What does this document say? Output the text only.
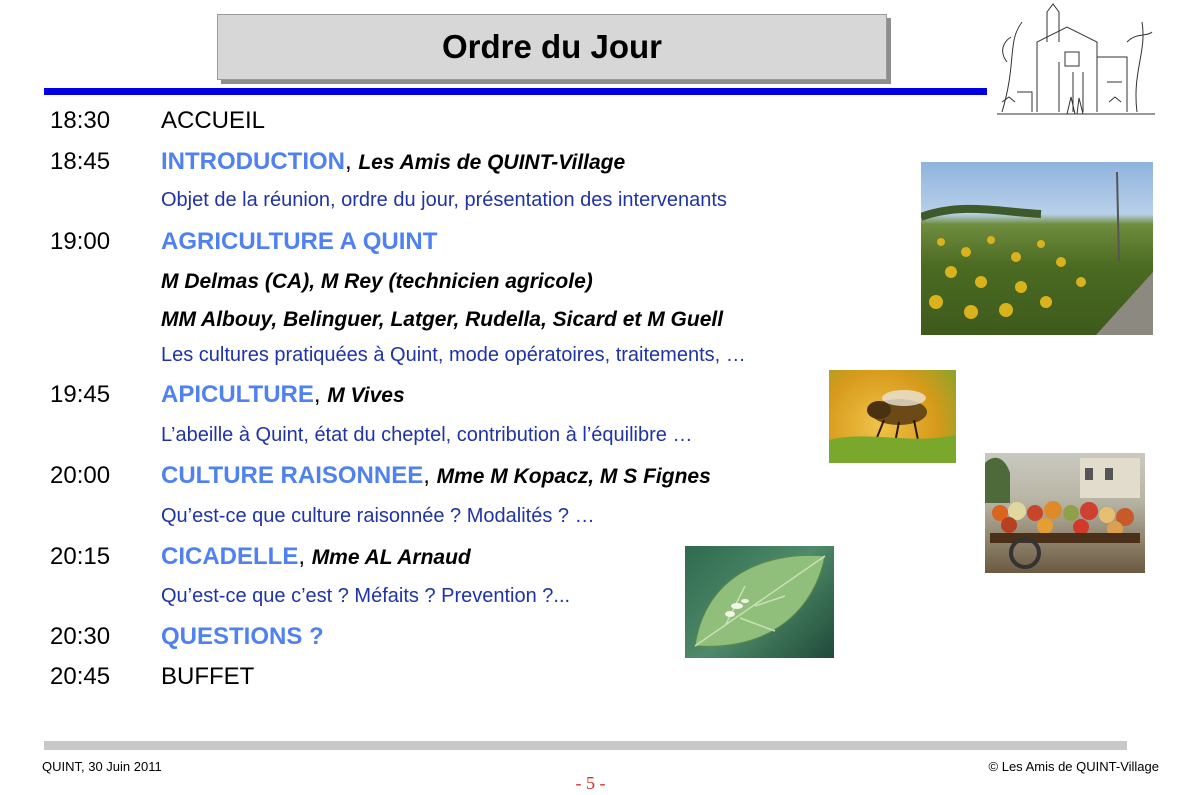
Ordre du Jour
18:30 ACCUEIL
18:45 INTRODUCTION, Les Amis de QUINT-Village
Objet de la réunion, ordre du jour, présentation des intervenants
19:00 AGRICULTURE A QUINT
M Delmas (CA), M Rey (technicien agricole)
MM Albouy, Belinguer, Latger, Rudella, Sicard et M Guell
Les cultures pratiquées à Quint, mode opératoires, traitements, …
19:45 APICULTURE, M Vives
L’abeille à Quint, état du cheptel, contribution à l’équilibre …
20:00 CULTURE RAISONNEE, Mme M Kopacz, M S Fignes
Qu’est-ce que culture raisonnée ? Modalités ? …
20:15 CICADELLE, Mme AL Arnaud
Qu’est-ce que c’est ? Méfaits ? Prevention ?...
20:30 QUESTIONS ?
20:45 BUFFET
QUINT, 30 Juin 2011	© Les Amis de QUINT-Village
- 5 -
